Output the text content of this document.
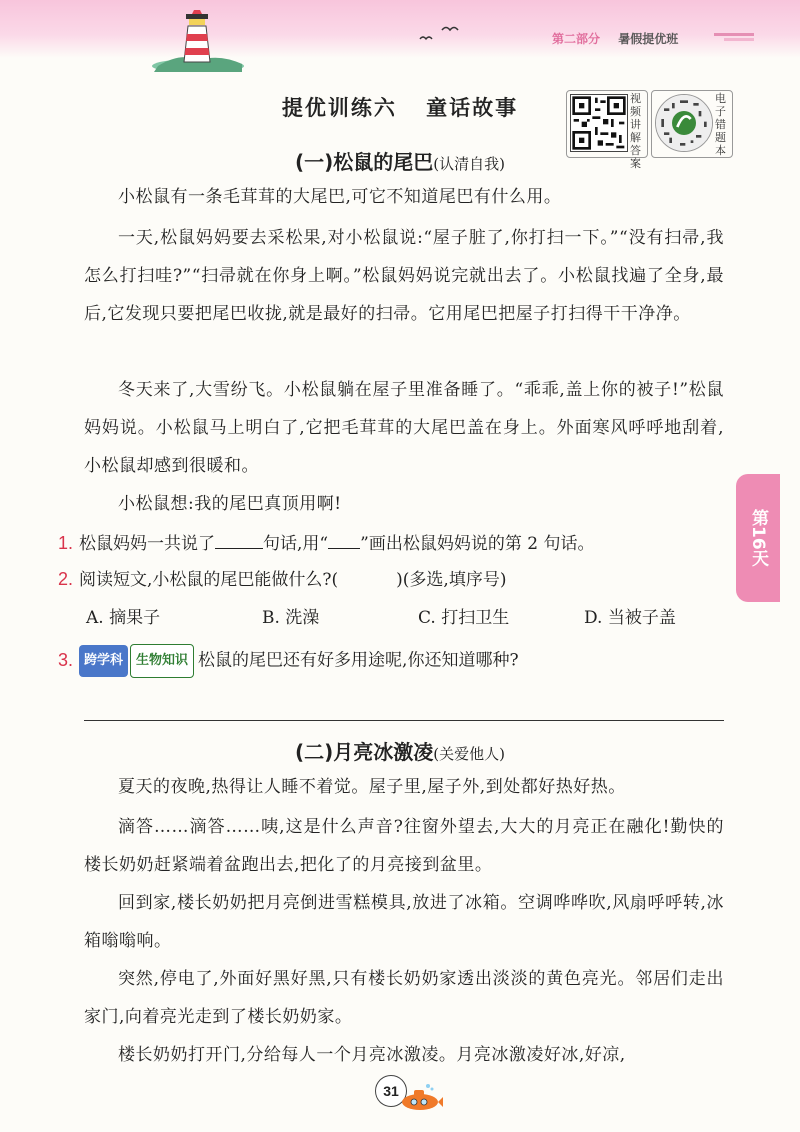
第二部分 暑假提优班
提优训练六 童话故事	视频讲解答案
电子错题本
(一)松鼠的尾巴(认清自我)

小松鼠有一条毛茸茸的大尾巴,可它不知道尾巴有什么用。

一天,松鼠妈妈要去采松果,对小松鼠说:“屋子脏了,你打扫一下。”“没有扫帚,我怎么打扫哇?”“扫帚就在你身上啊。”松鼠妈妈说完就出去了。小松鼠找遍了全身,最后,它发现只要把尾巴收拢,就是最好的扫帚。它用尾巴把屋子打扫得干干净净。

冬天来了,大雪纷飞。小松鼠躺在屋子里准备睡了。“乖乖,盖上你的被子!”松鼠妈妈说。小松鼠马上明白了,它把毛茸茸的大尾巴盖在身上。外面寒风呼呼地刮着,小松鼠却感到很暖和。

小松鼠想:我的尾巴真顶用啊!

1. 松鼠妈妈一共说了	句话,用“ ”画出松鼠妈妈说的第 2 句话。

2. 阅读短文,小松鼠的尾巴能做什么?(	)(多选,填序号)

A. 摘果子	B. 洗澡	C. 打扫卫生	D. 当被子盖

3. 跨学科 生物知识 松鼠的尾巴还有好多用途呢,你还知道哪种?

第16天
(二)月亮冰激凌(关爱他人)

夏天的夜晚,热得让人睡不着觉。屋子里,屋子外,到处都好热好热。

滴答……滴答……咦,这是什么声音?往窗外望去,大大的月亮正在融化!勤快的楼长奶奶赶紧端着盆跑出去,把化了的月亮接到盆里。

回到家,楼长奶奶把月亮倒进雪糕模具,放进了冰箱。空调哗哗吹,风扇呼呼转,冰箱嗡嗡响。

突然,停电了,外面好黑好黑,只有楼长奶奶家透出淡淡的黄色亮光。邻居们走出家门,向着亮光走到了楼长奶奶家。

楼长奶奶打开门,分给每人一个月亮冰激凌。月亮冰激凌好冰,好凉,

31
